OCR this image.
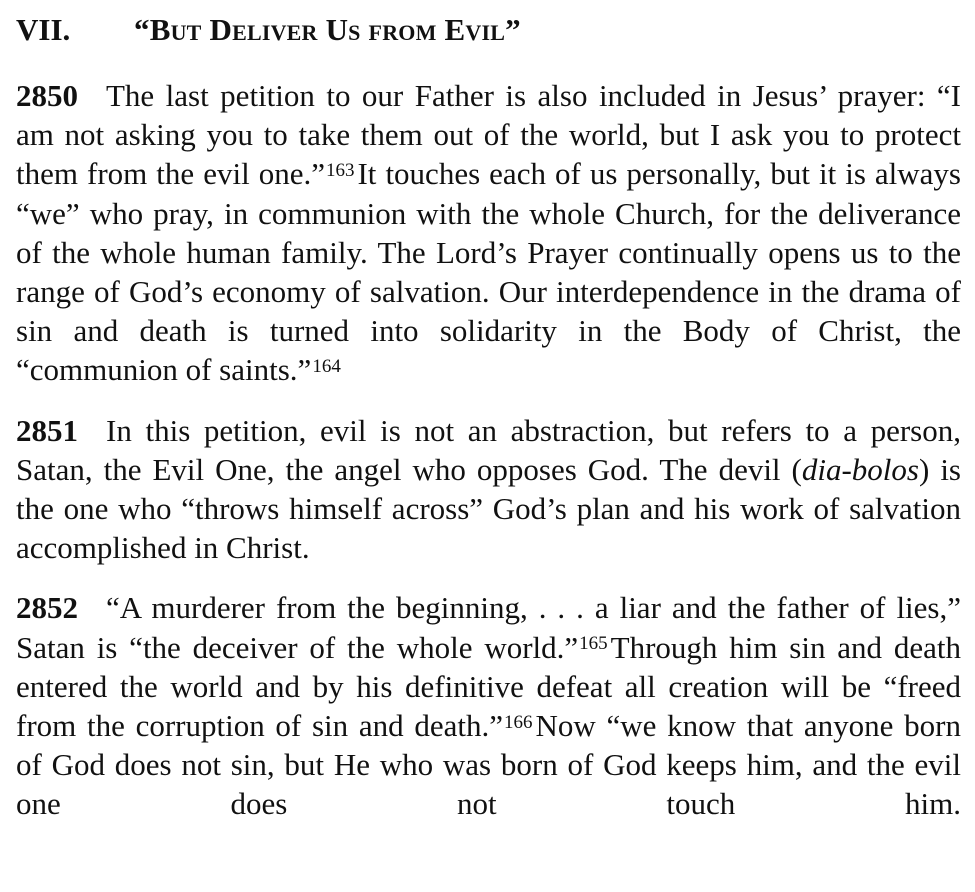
VII.	“But Deliver Us from Evil”

2850 The last petition to our Father is also included in Jesus’ prayer: “I am not asking you to take them out of the world, but I ask you to protect them from the evil one.”$^{163}$It touches each of us personally, but it is always “we” who pray, in communion with the whole Church, for the deliverance of the whole human family. The Lord’s Prayer continually opens us to the range of God’s economy of salvation. Our interdependence in the drama of sin and death is turned into solidarity in the Body of Christ, the “communion of saints.”$^{164}$

2851 In this petition, evil is not an abstraction, but refers to a person, Satan, the Evil One, the angel who opposes God. The devil (dia-bolos) is the one who “throws himself across” God’s plan and his work of salvation accomplished in Christ.

2852 “A murderer from the beginning, . . . a liar and the father of lies,” Satan is “the deceiver of the whole world.”$^{165}$Through him sin and death entered the world and by his definitive defeat all creation will be “freed from the corruption of sin and death.”$^{166}$Now “we know that anyone born of God does not sin, but He who was born of God keeps him, and the evil one does not touch him.
